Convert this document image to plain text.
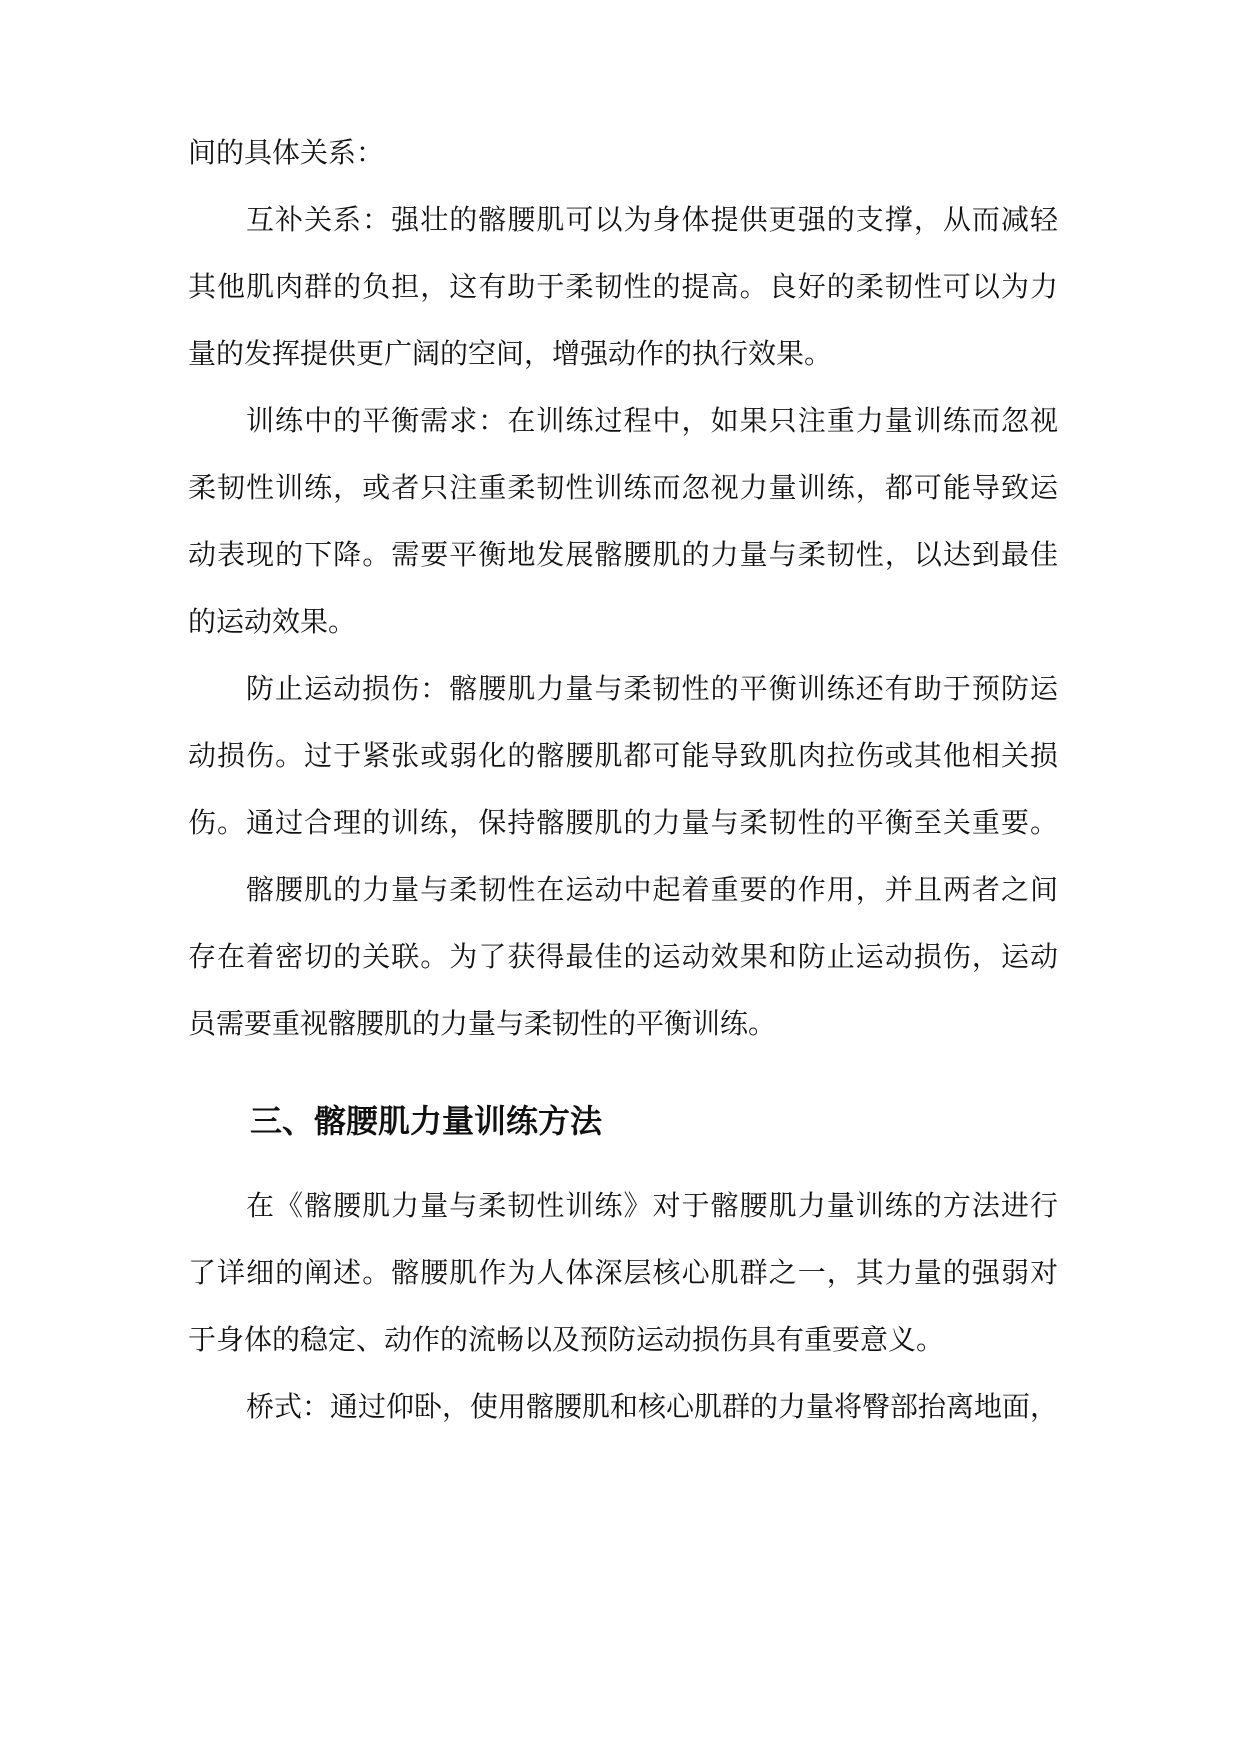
间的具体关系：
互补关系：强壮的髂腰肌可以为身体提供更强的支撑，从而减轻
其他肌肉群的负担，这有助于柔韧性的提高。良好的柔韧性可以为力
量的发挥提供更广阔的空间，增强动作的执行效果。
训练中的平衡需求：在训练过程中，如果只注重力量训练而忽视
柔韧性训练，或者只注重柔韧性训练而忽视力量训练，都可能导致运
动表现的下降。需要平衡地发展髂腰肌的力量与柔韧性，以达到最佳
的运动效果。
防止运动损伤：髂腰肌力量与柔韧性的平衡训练还有助于预防运
动损伤。过于紧张或弱化的髂腰肌都可能导致肌肉拉伤或其他相关损
伤。通过合理的训练，保持髂腰肌的力量与柔韧性的平衡至关重要。
髂腰肌的力量与柔韧性在运动中起着重要的作用，并且两者之间
存在着密切的关联。为了获得最佳的运动效果和防止运动损伤，运动
员需要重视髂腰肌的力量与柔韧性的平衡训练。
三、髂腰肌力量训练方法
在《髂腰肌力量与柔韧性训练》对于髂腰肌力量训练的方法进行
了详细的阐述。髂腰肌作为人体深层核心肌群之一，其力量的强弱对
于身体的稳定、动作的流畅以及预防运动损伤具有重要意义。
桥式：通过仰卧，使用髂腰肌和核心肌群的力量将臀部抬离地面，
